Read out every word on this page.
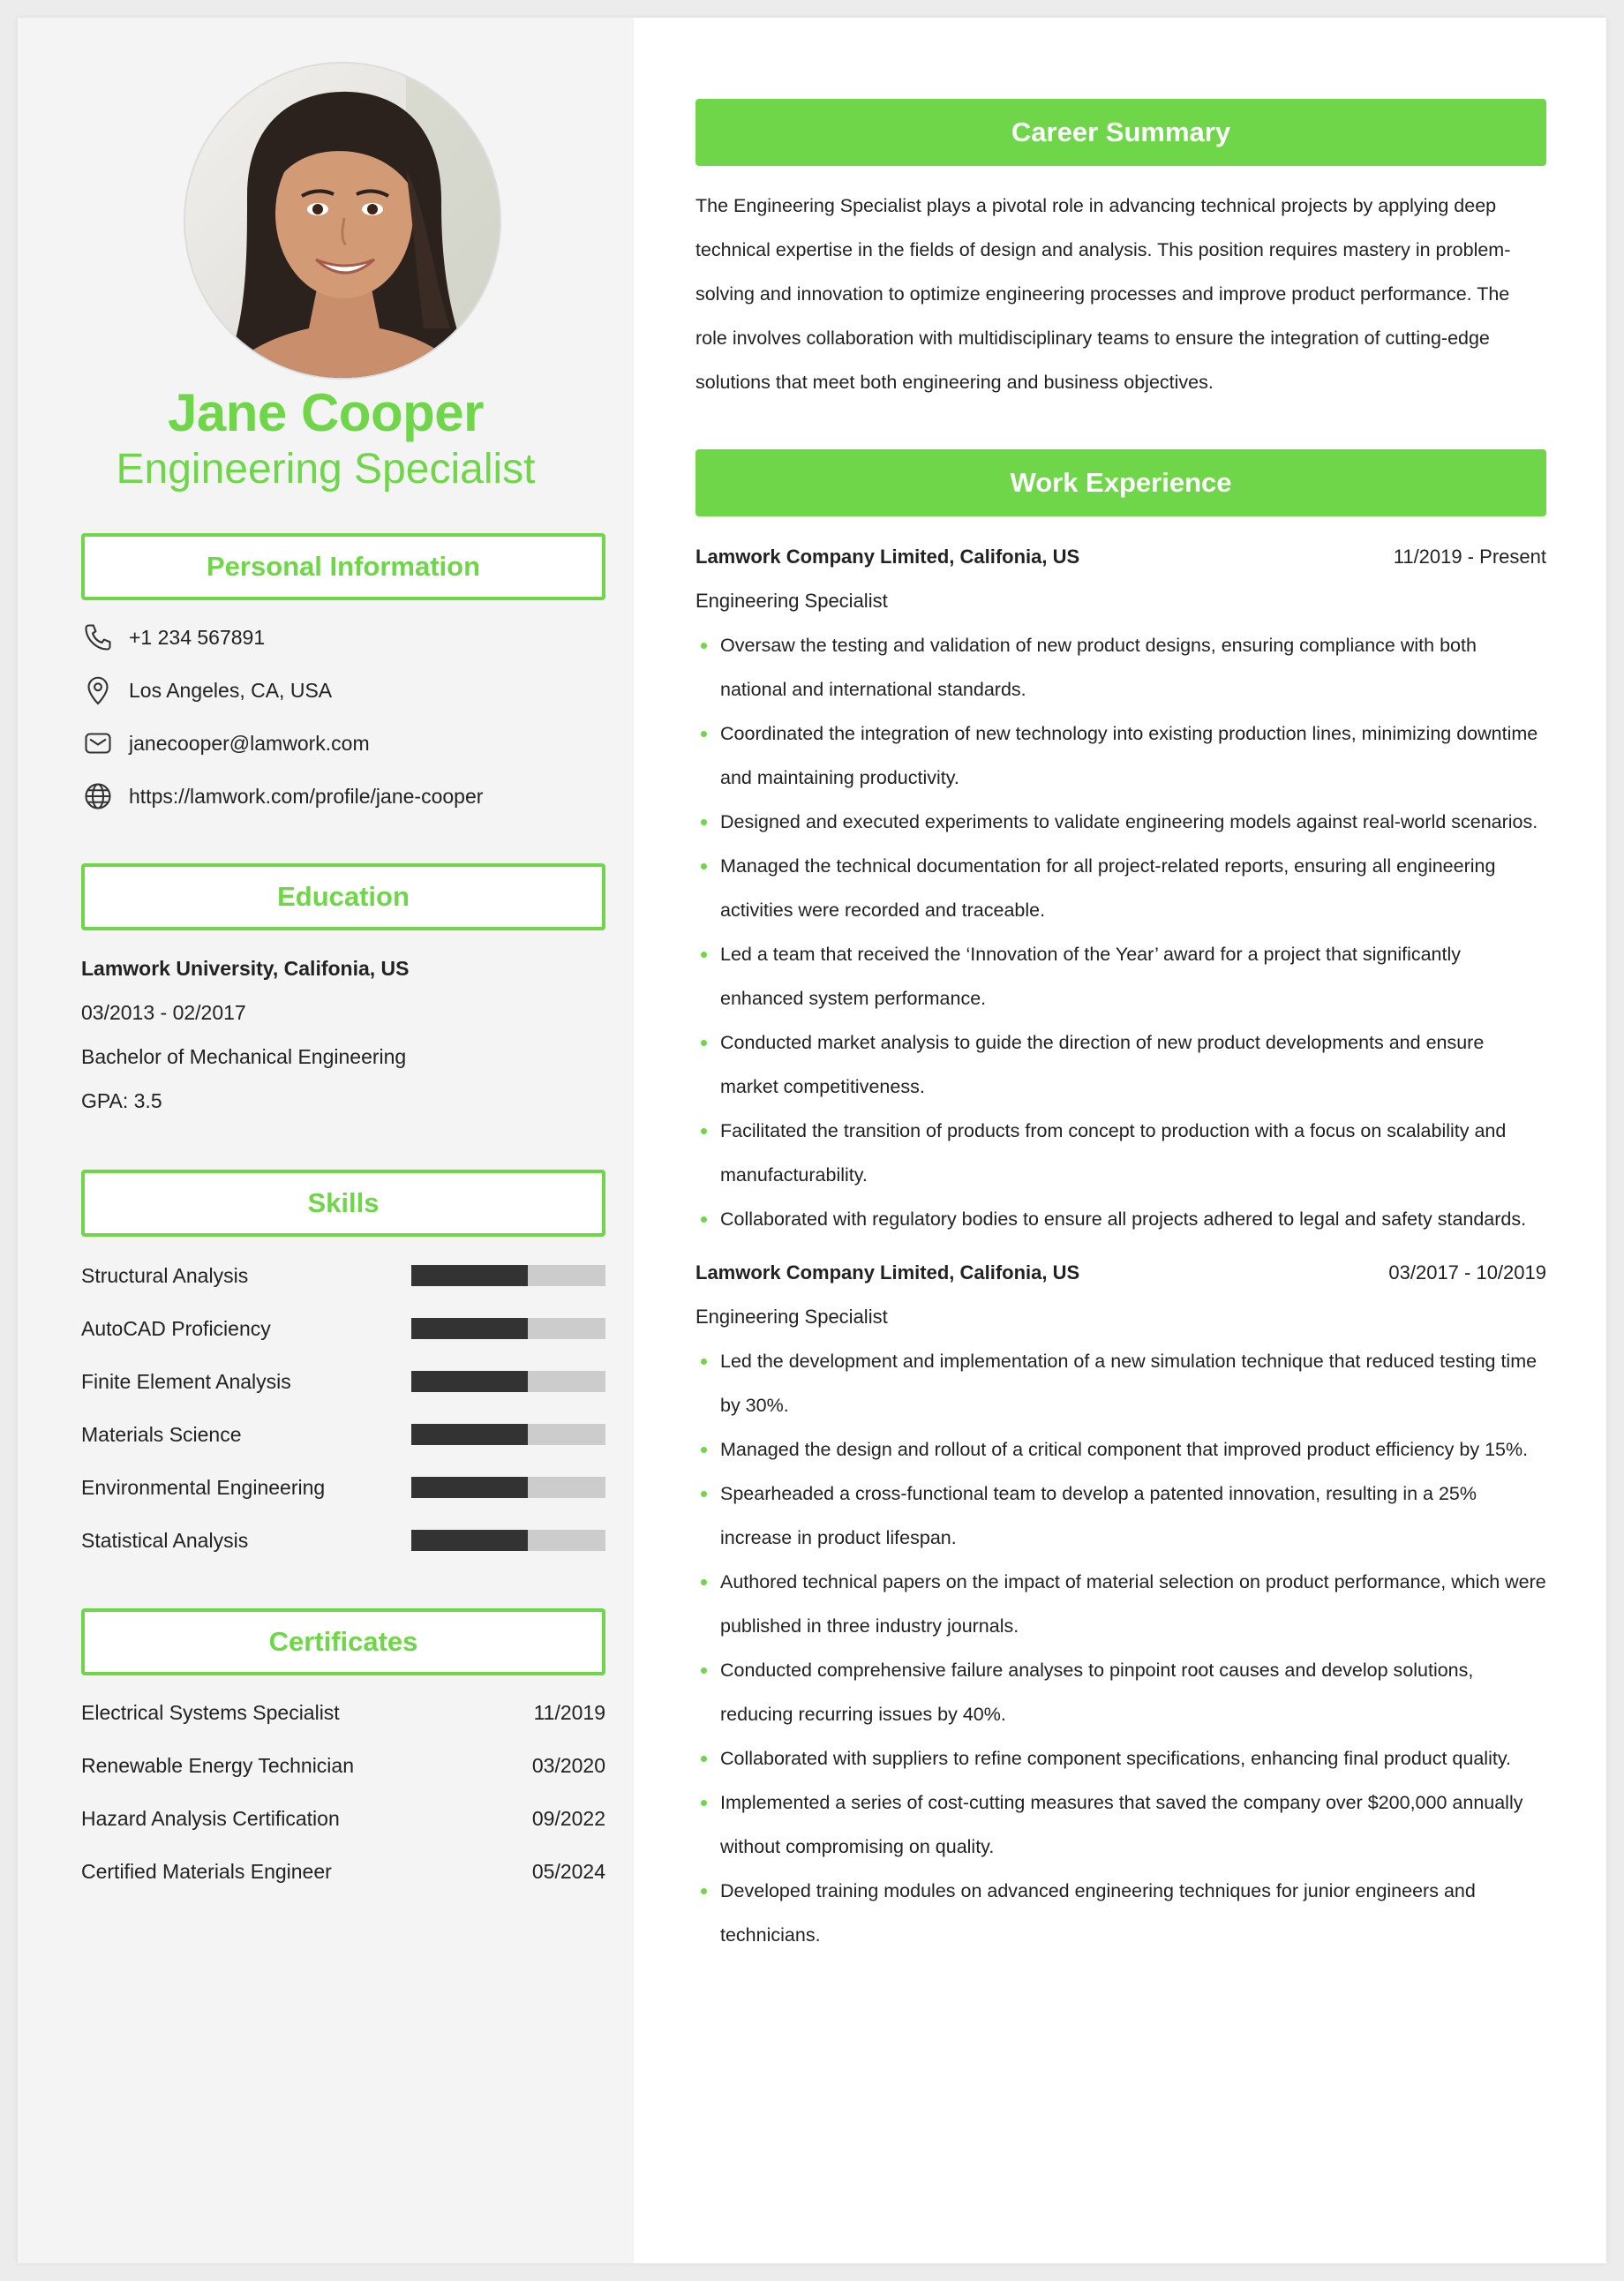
Jane Cooper
Engineering Specialist
Personal Information
+1 234 567891
Los Angeles, CA, USA
janecooper@lamwork.com
https://lamwork.com/profile/jane-cooper
Education
Lamwork University, Califonia, US
03/2013 - 02/2017
Bachelor of Mechanical Engineering
GPA: 3.5
Skills
Structural Analysis
AutoCAD Proficiency
Finite Element Analysis
Materials Science
Environmental Engineering
Statistical Analysis
Certificates
Electrical Systems Specialist	11/2019
Renewable Energy Technician	03/2020
Hazard Analysis Certification	09/2022
Certified Materials Engineer	05/2024
Career Summary
The Engineering Specialist plays a pivotal role in advancing technical projects by applying deep technical expertise in the fields of design and analysis. This position requires mastery in problem-solving and innovation to optimize engineering processes and improve product performance. The role involves collaboration with multidisciplinary teams to ensure the integration of cutting-edge solutions that meet both engineering and business objectives.
Work Experience
Lamwork Company Limited, Califonia, US	11/2019 - Present
Engineering Specialist
Oversaw the testing and validation of new product designs, ensuring compliance with both national and international standards.
Coordinated the integration of new technology into existing production lines, minimizing downtime and maintaining productivity.
Designed and executed experiments to validate engineering models against real-world scenarios.
Managed the technical documentation for all project-related reports, ensuring all engineering activities were recorded and traceable.
Led a team that received the ‘Innovation of the Year’ award for a project that significantly enhanced system performance.
Conducted market analysis to guide the direction of new product developments and ensure market competitiveness.
Facilitated the transition of products from concept to production with a focus on scalability and manufacturability.
Collaborated with regulatory bodies to ensure all projects adhered to legal and safety standards.
Lamwork Company Limited, Califonia, US	03/2017 - 10/2019
Engineering Specialist
Led the development and implementation of a new simulation technique that reduced testing time by 30%.
Managed the design and rollout of a critical component that improved product efficiency by 15%.
Spearheaded a cross-functional team to develop a patented innovation, resulting in a 25% increase in product lifespan.
Authored technical papers on the impact of material selection on product performance, which were published in three industry journals.
Conducted comprehensive failure analyses to pinpoint root causes and develop solutions, reducing recurring issues by 40%.
Collaborated with suppliers to refine component specifications, enhancing final product quality.
Implemented a series of cost-cutting measures that saved the company over $200,000 annually without compromising on quality.
Developed training modules on advanced engineering techniques for junior engineers and technicians.
